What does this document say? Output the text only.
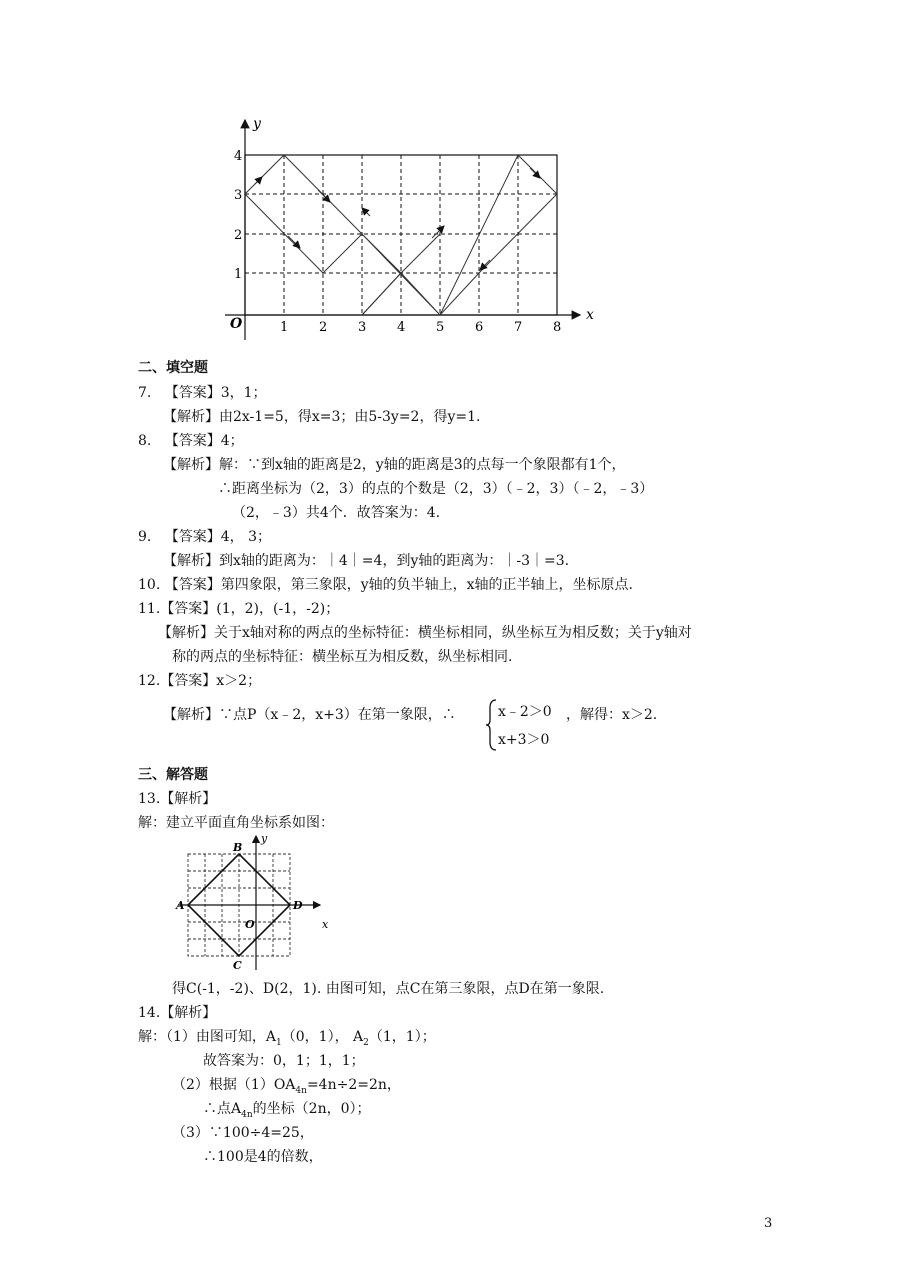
y
x
O	1 2 3 4 5 6 7 8
1
2
3
4
二、填空题
7. 【答案】3，1；
【解析】由2x-1=5，得x=3；由5-3y=2，得y=1.
8. 【答案】4；
【解析】解：∵到x轴的距离是2，y轴的距离是3的点每一个象限都有1个，
∴距离坐标为（2，3）的点的个数是（2，3）（﹣2，3）（﹣2，﹣3）
（2，﹣3）共4个．故答案为：4.
9. 【答案】4， 3；
【解析】到x轴的距离为：｜4｜=4，到y轴的距离为：｜-3｜=3.
10. 【答案】第四象限，第三象限，y轴的负半轴上，x轴的正半轴上，坐标原点.
11.【答案】(1，2)，(-1，-2)；
【解析】关于x轴对称的两点的坐标特征：横坐标相同，纵坐标互为相反数；关于y轴对
称的两点的坐标特征：横坐标互为相反数，纵坐标相同.
12.【答案】x＞2；
【解析】∵点P（x﹣2，x+3）在第一象限，∴	x﹣2＞0
x+3＞0
，解得：x＞2.
三、解答题
13.【解析】
解：建立平面直角坐标系如图：
B
A	D
C
O	x
y
得C(-1，-2)、D(2，1). 由图可知，点C在第三象限，点D在第一象限.
14.【解析】
解：（1）由图可知，$A_1(0$，1）， $A_2(1$，1）；
故答案为：0，1；1，1；
（2）根据$(1)OA_{4n}=4n\div 2=2n$，
∴点$A_{4n}$的坐标（2n，0）；
（3）∵100÷4=25，
∴100是4的倍数，
3
